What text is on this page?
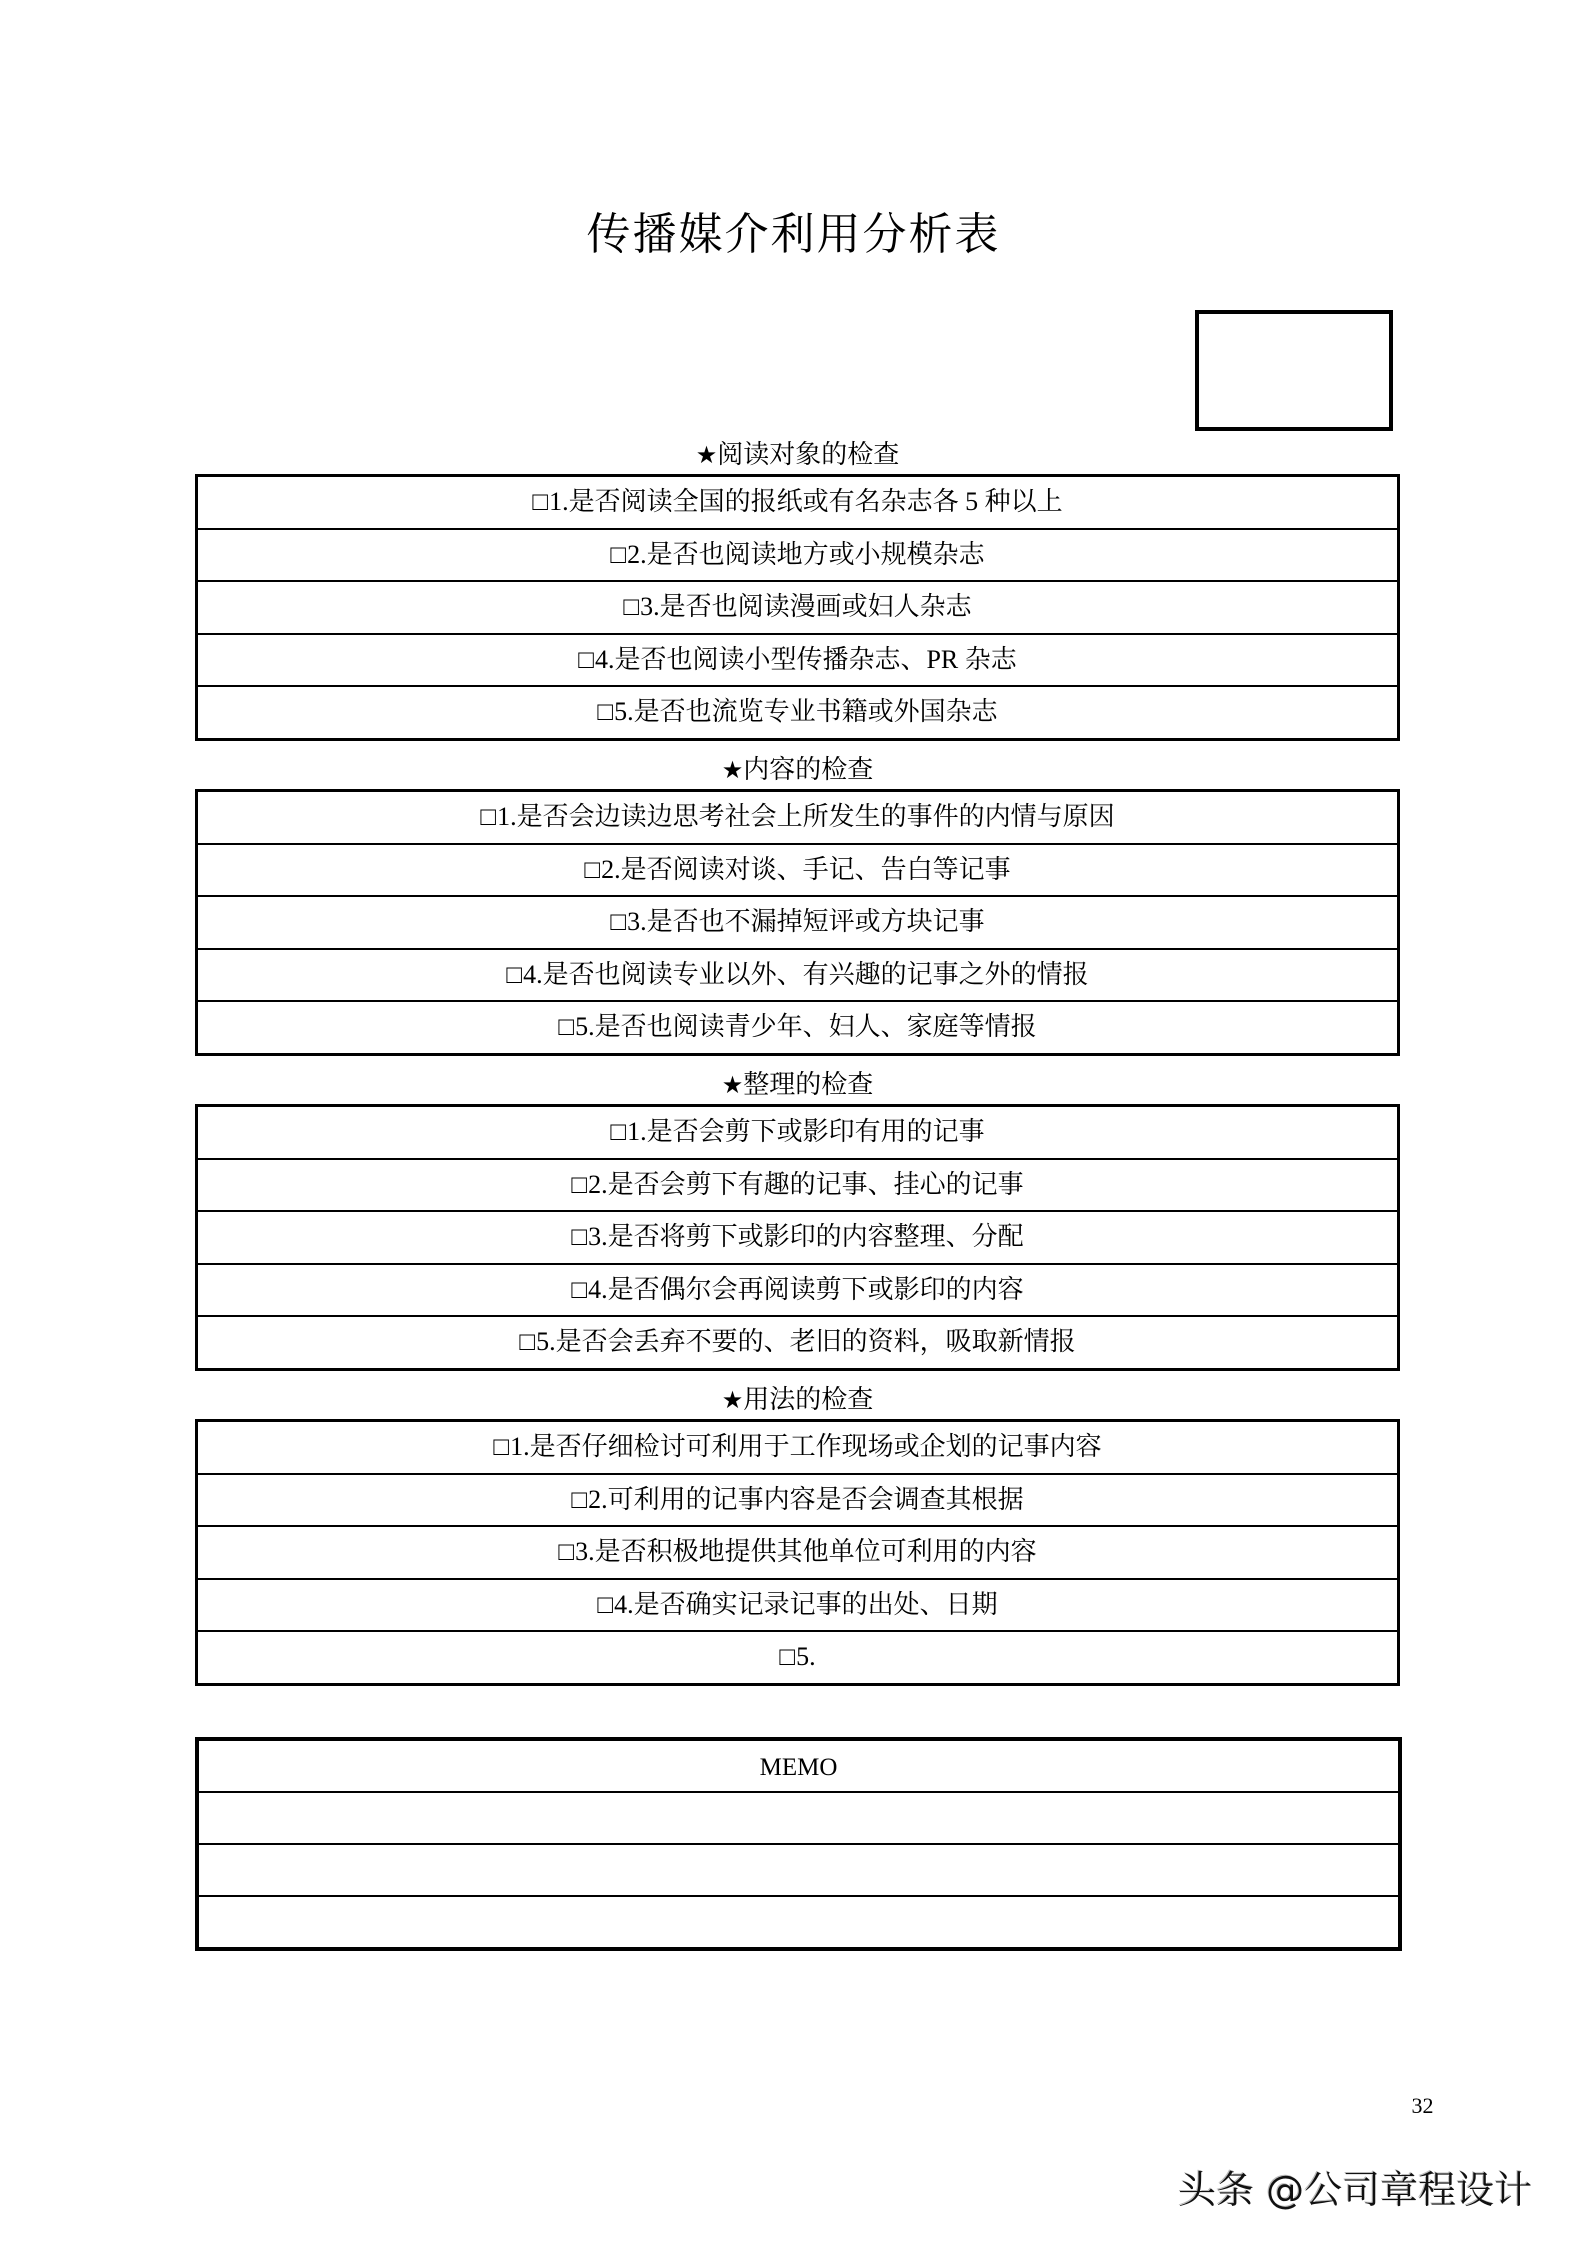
传播媒介利用分析表
★阅读对象的检查
□ 1.是否阅读全国的报纸或有名杂志各 5 种以上
□ 2.是否也阅读地方或小规模杂志
□ 3.是否也阅读漫画或妇人杂志
□ 4.是否也阅读小型传播杂志、PR 杂志
□ 5.是否也流览专业书籍或外国杂志
★内容的检查
□ 1.是否会边读边思考社会上所发生的事件的内情与原因
□ 2.是否阅读对谈、手记、告白等记事
□ 3.是否也不漏掉短评或方块记事
□ 4.是否也阅读专业以外、有兴趣的记事之外的情报
□ 5.是否也阅读青少年、妇人、家庭等情报
★整理的检查
□ 1.是否会剪下或影印有用的记事
□ 2.是否会剪下有趣的记事、挂心的记事
□ 3.是否将剪下或影印的内容整理、分配
□ 4.是否偶尔会再阅读剪下或影印的内容
□ 5.是否会丢弃不要的、老旧的资料，吸取新情报
★用法的检查
□ 1.是否仔细检讨可利用于工作现场或企划的记事内容
□ 2.可利用的记事内容是否会调查其根据
□ 3.是否积极地提供其他单位可利用的内容
□ 4.是否确实记录记事的出处、日期
□ 5.
MEMO
32
头条 @公司章程设计
